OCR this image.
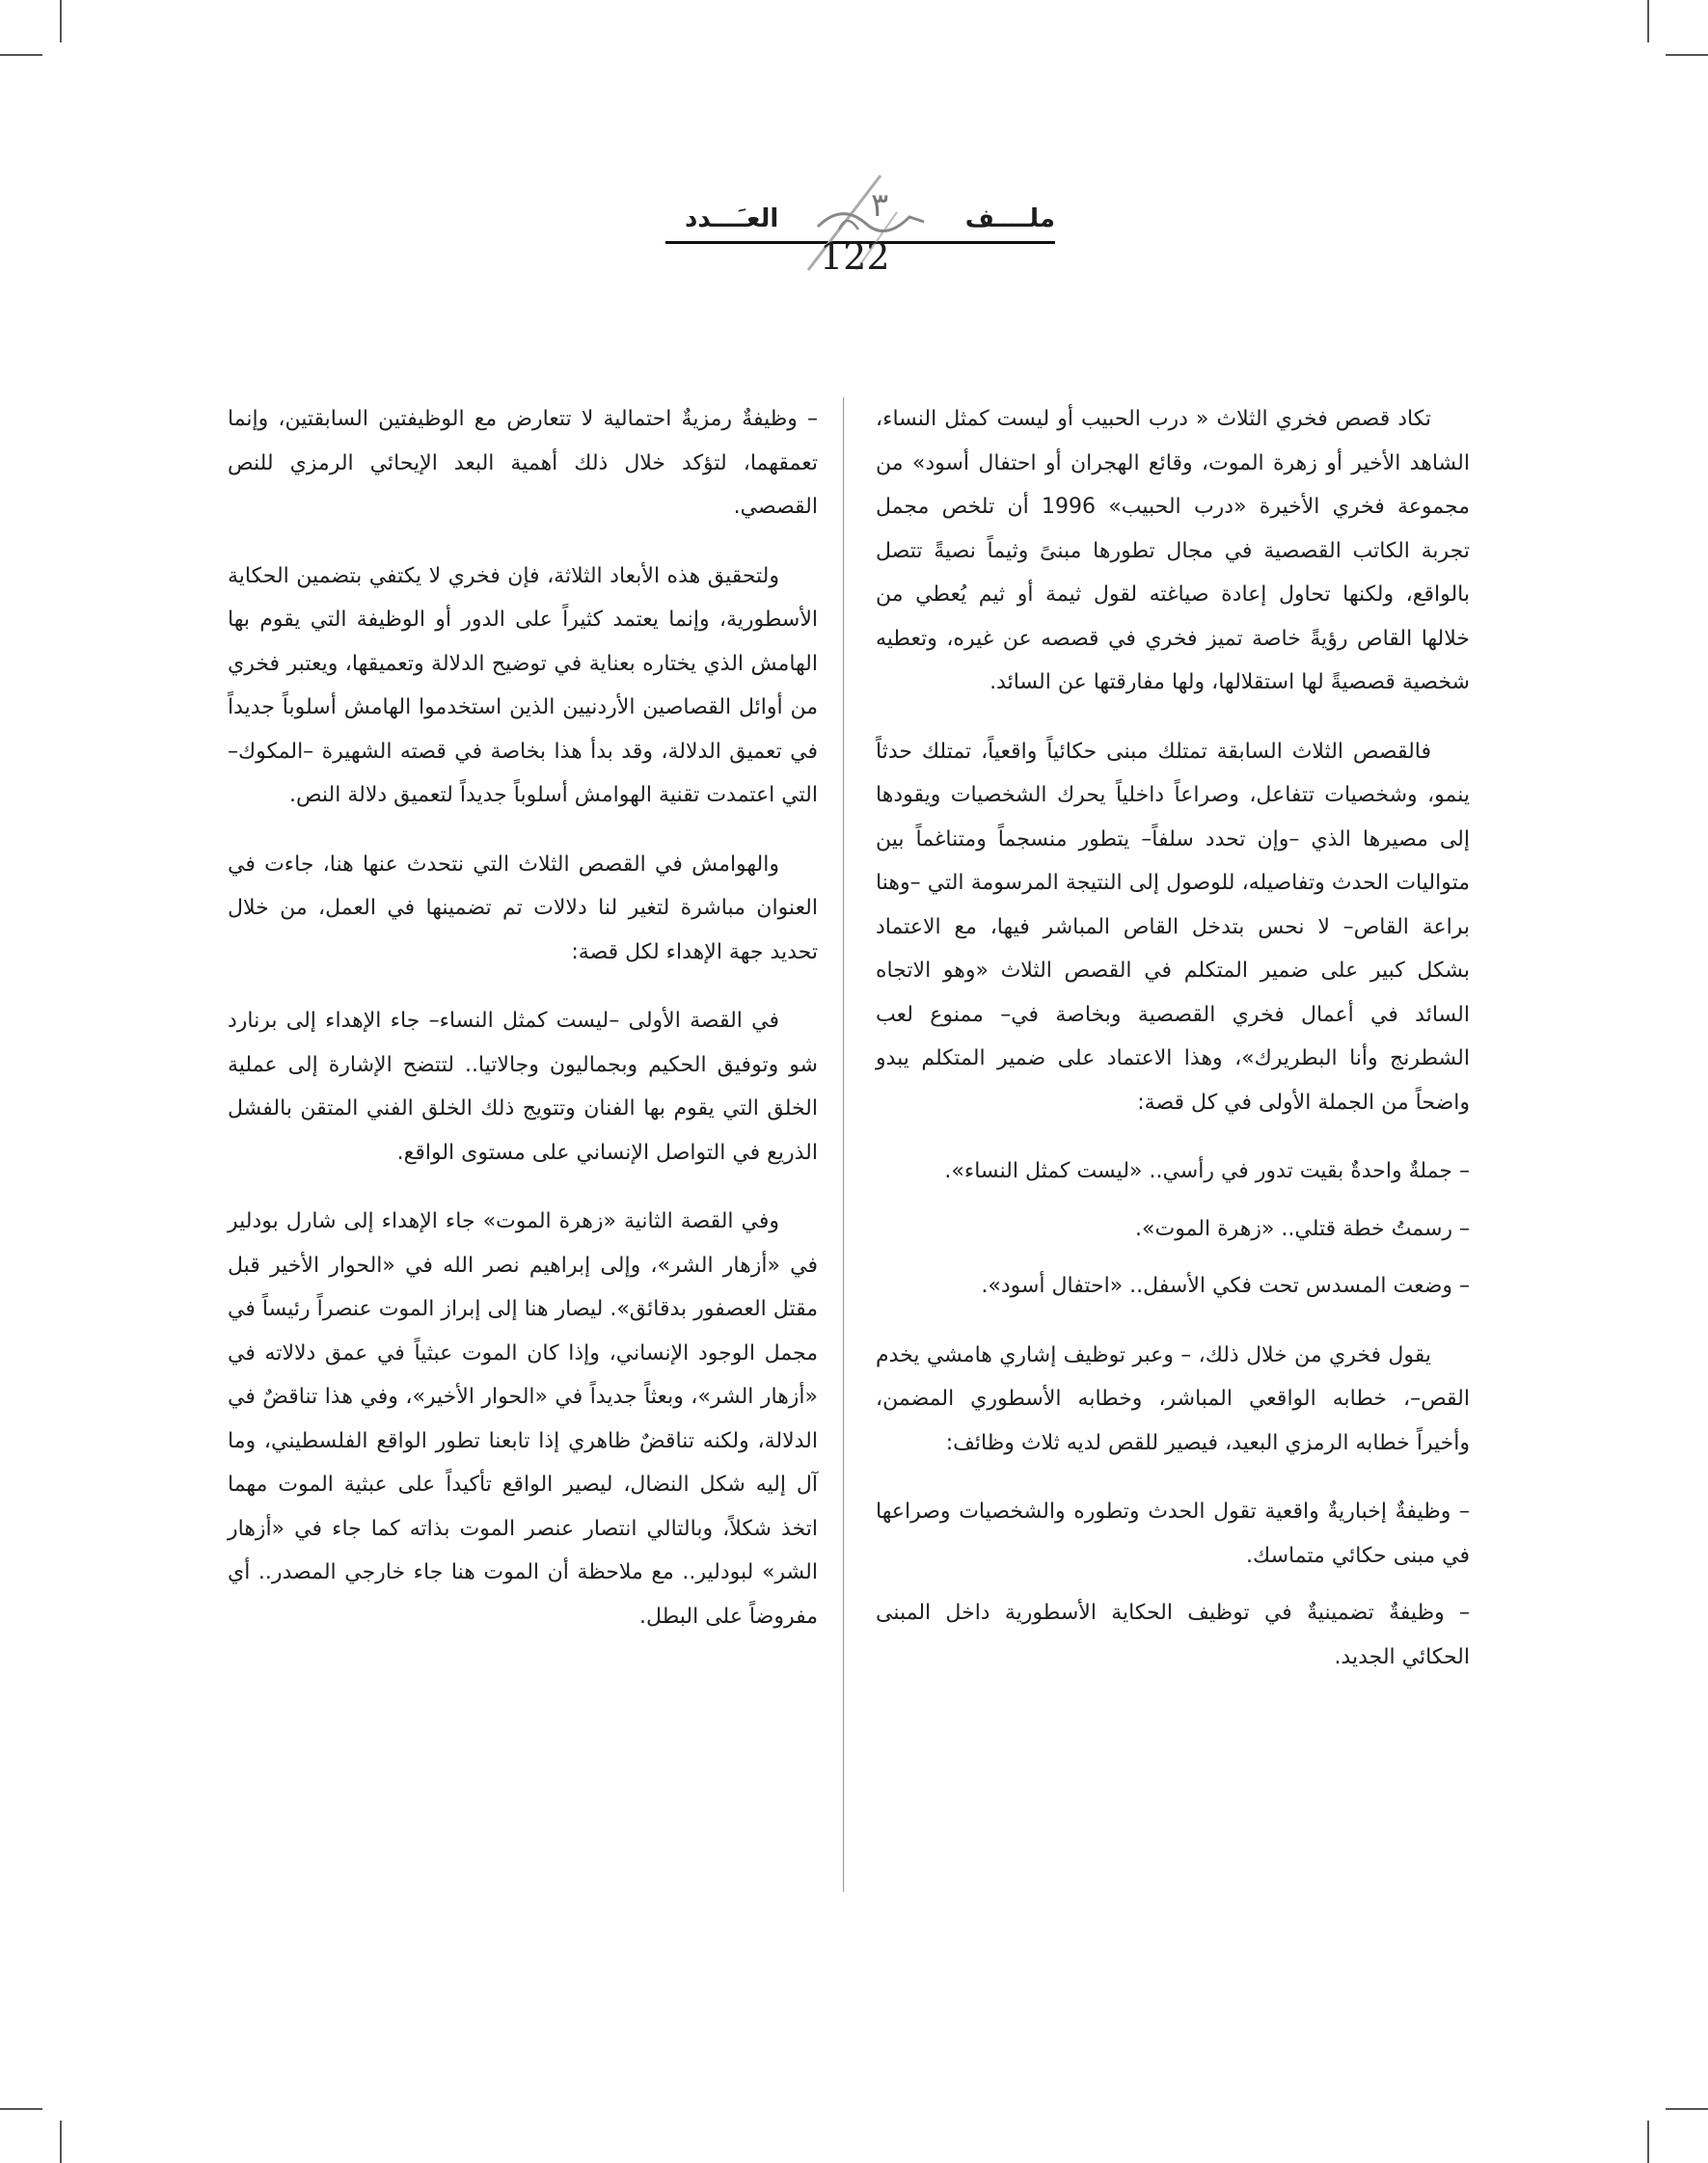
ملــــف
العـَـــدد	٣
122

تكاد قصص فخري الثلاث « درب الحبيب أو ليست كمثل النساء، الشاهد الأخير أو زهرة الموت، وقائع الهجران أو احتفال أسود» من مجموعة فخري الأخيرة «درب الحبيب» 1996 أن تلخص مجمل تجربة الكاتب القصصية في مجال تطورها مبنىً وثيماً نصيةً تتصل بالواقع، ولكنها تحاول إعادة صياغته لقول ثيمة أو ثيم يُعطي من خلالها القاص رؤيةً خاصة تميز فخري في قصصه عن غيره، وتعطيه شخصية قصصيةً لها استقلالها، ولها مفارقتها عن السائد.

فالقصص الثلاث السابقة تمتلك مبنى حكائياً واقعياً، تمتلك حدثاً ينمو، وشخصيات تتفاعل، وصراعاً داخلياً يحرك الشخصيات ويقودها إلى مصيرها الذي –وإن تحدد سلفاً– يتطور منسجماً ومتناغماً بين متواليات الحدث وتفاصيله، للوصول إلى النتيجة المرسومة التي –وهنا براعة القاص– لا نحس بتدخل القاص المباشر فيها، مع الاعتماد بشكل كبير على ضمير المتكلم في القصص الثلاث «وهو الاتجاه السائد في أعمال فخري القصصية وبخاصة في– ممنوع لعب الشطرنج وأنا البطريرك»، وهذا الاعتماد على ضمير المتكلم يبدو واضحاً من الجملة الأولى في كل قصة:

– جملةٌ واحدةٌ بقيت تدور في رأسي.. «ليست كمثل النساء».

– رسمتُ خطة قتلي.. «زهرة الموت».

– وضعت المسدس تحت فكي الأسفل.. «احتفال أسود».

يقول فخري من خلال ذلك، – وعبر توظيف إشاري هامشي يخدم القص–، خطابه الواقعي المباشر، وخطابه الأسطوري المضمن، وأخيراً خطابه الرمزي البعيد، فيصير للقص لديه ثلاث وظائف:

– وظيفةٌ إخباريةٌ واقعية تقول الحدث وتطوره والشخصيات وصراعها في مبنى حكائي متماسك.

– وظيفةٌ تضمينيةٌ في توظيف الحكاية الأسطورية داخل المبنى الحكائي الجديد.

– وظيفةٌ رمزيةٌ احتمالية لا تتعارض مع الوظيفتين السابقتين، وإنما تعمقهما، لتؤكد خلال ذلك أهمية البعد الإيحائي الرمزي للنص القصصي.

ولتحقيق هذه الأبعاد الثلاثة، فإن فخري لا يكتفي بتضمين الحكاية الأسطورية، وإنما يعتمد كثيراً على الدور أو الوظيفة التي يقوم بها الهامش الذي يختاره بعناية في توضيح الدلالة وتعميقها، ويعتبر فخري من أوائل القصاصين الأردنيين الذين استخدموا الهامش أسلوباً جديداً في تعميق الدلالة، وقد بدأ هذا بخاصة في قصته الشهيرة –المكوك– التي اعتمدت تقنية الهوامش أسلوباً جديداً لتعميق دلالة النص.

والهوامش في القصص الثلاث التي نتحدث عنها هنا، جاءت في العنوان مباشرة لتغير لنا دلالات تم تضمينها في العمل، من خلال تحديد جهة الإهداء لكل قصة:

في القصة الأولى –ليست كمثل النساء– جاء الإهداء إلى برنارد شو وتوفيق الحكيم وبجماليون وجالاتيا.. لتتضح الإشارة إلى عملية الخلق التي يقوم بها الفنان وتتويج ذلك الخلق الفني المتقن بالفشل الذريع في التواصل الإنساني على مستوى الواقع.

وفي القصة الثانية «زهرة الموت» جاء الإهداء إلى شارل بودلير في «أزهار الشر»، وإلى إبراهيم نصر الله في «الحوار الأخير قبل مقتل العصفور بدقائق». ليصار هنا إلى إبراز الموت عنصراً رئيساً في مجمل الوجود الإنساني، وإذا كان الموت عبثياً في عمق دلالاته في «أزهار الشر»، وبعثاً جديداً في «الحوار الأخير»، وفي هذا تناقضٌ في الدلالة، ولكنه تناقضٌ ظاهري إذا تابعنا تطور الواقع الفلسطيني، وما آل إليه شكل النضال، ليصير الواقع تأكيداً على عبثية الموت مهما اتخذ شكلاً، وبالتالي انتصار عنصر الموت بذاته كما جاء في «أزهار الشر» لبودلير.. مع ملاحظة أن الموت هنا جاء خارجي المصدر.. أي مفروضاً على البطل.
